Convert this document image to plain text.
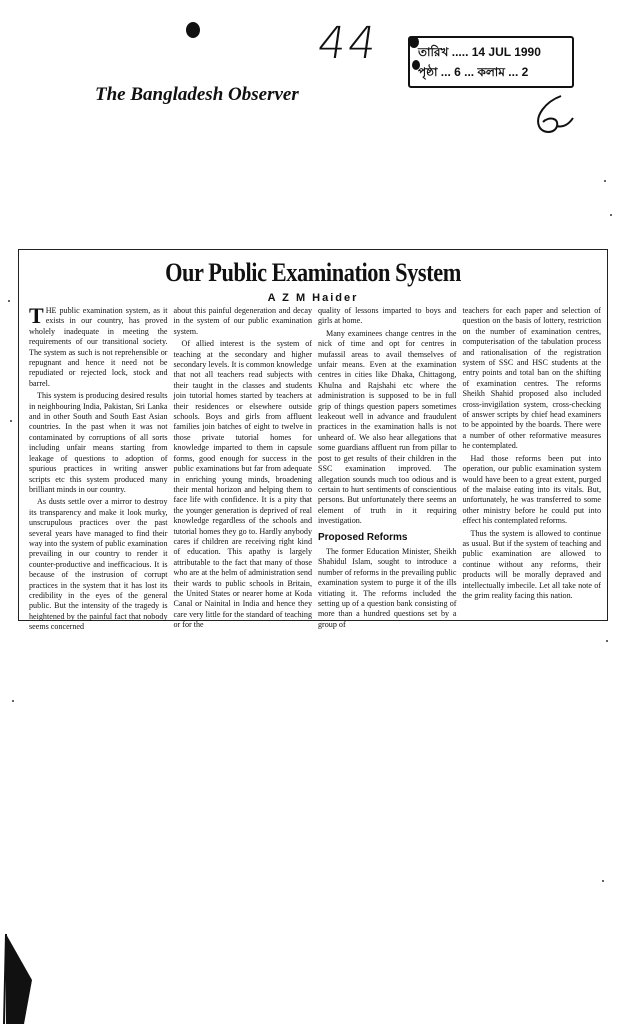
44	তারিখ ..... 14 JUL 1990
পৃষ্ঠা ... 6 ... কলাম ... 2
The Bangladesh Observer
Our Public Examination System
A Z M Haider

THE public examination system, as it exists in our country, has proved wholely inadequate in meeting the requirements of our transitional society. The system as such is not reprehensible or repugnant and hence it need not be repudiated or rejected lock, stock and barrel.

This system is producing desired results in neighbouring India, Pakistan, Sri Lanka and in other South and South East Asian countries. In the past when it was not contaminated by corruptions of all sorts including unfair means starting from leakage of questions to adoption of spurious practices in writing answer scripts etc this system produced many brilliant minds in our country.

As dusts settle over a mirror to destroy its transparency and make it look murky, unscrupulous practices over the past several years have managed to find their way into the system of public examination prevailing in our country to render it counter-productive and inefficacious. It is because of the instrusion of corrupt practices in the system that it has lost its credibility in the eyes of the general public. But the intensity of the tragedy is heightened by the painful fact that nobody seems concerned

about this painful degeneration and decay in the system of our public examination system.

Of allied interest is the system of teaching at the secondary and higher secondary levels. It is common knowledge that not all teachers read subjects with their taught in the classes and students join tutorial homes started by teachers at their residences or elsewhere outside schools. Boys and girls from affluent families join batches of eight to twelve in those private tutorial homes for knowledge imparted to them in capsule forms, good enough for success in the public examinations but far from adequate in enriching young minds, broadening their mental horizon and helping them to face life with confidence. It is a pity that the younger generation is deprived of real knowledge regardless of the schools and tutorial homes they go to. Hardly anybody cares if children are receiving right kind of education. This apathy is largely attributable to the fact that many of those who are at the helm of administration send their wards to public schools in Britain, the United States or nearer home at Koda Canal or Nainital in India and hence they care very little for the standard of teaching or for the

quality of lessons imparted to boys and girls at home.

Many examinees change centres in the nick of time and opt for centres in mufassil areas to avail themselves of unfair means. Even at the examination centres in cities like Dhaka, Chittagong, Khulna and Rajshahi etc where the administration is supposed to be in full grip of things question papers sometimes leakeout well in advance and fraudulent practices in the examination halls is not unheard of. We also hear allegations that some guardians affluent run from pillar to post to get results of their children in the SSC examination improved. The allegation sounds much too odious and is certain to hurt sentiments of conscientious persons. But unfortunately there seems an element of truth in it requiring investigation.

Proposed Reforms

The former Education Minister, Sheikh Shahidul Islam, sought to introduce a number of reforms in the prevailing public examination system to purge it of the ills vitiating it. The reforms included the setting up of a question bank consisting of more than a hundred questions set by a group of

teachers for each paper and selection of question on the basis of lottery, restriction on the number of examination centres, computerisation of the tabulation process and rationalisation of the registration system of SSC and HSC students at the entry points and total ban on the shifting of examination centres. The reforms Sheikh Shahid proposed also included cross-invigilation system, cross-checking of answer scripts by chief head examiners to be appointed by the boards. There were a number of other reformative measures he contemplated.

Had those reforms been put into operation, our public examination system would have been to a great extent, purged of the malaise eating into its vitals. But, unfortunately, he was transferred to some other ministry before he could put into effect his contemplated reforms.

Thus the system is allowed to continue as usual. But if the system of teaching and public examination are allowed to continue without any reforms, their products will be morally depraved and intellectually imbecile. Let all take note of the grim reality facing this nation.
